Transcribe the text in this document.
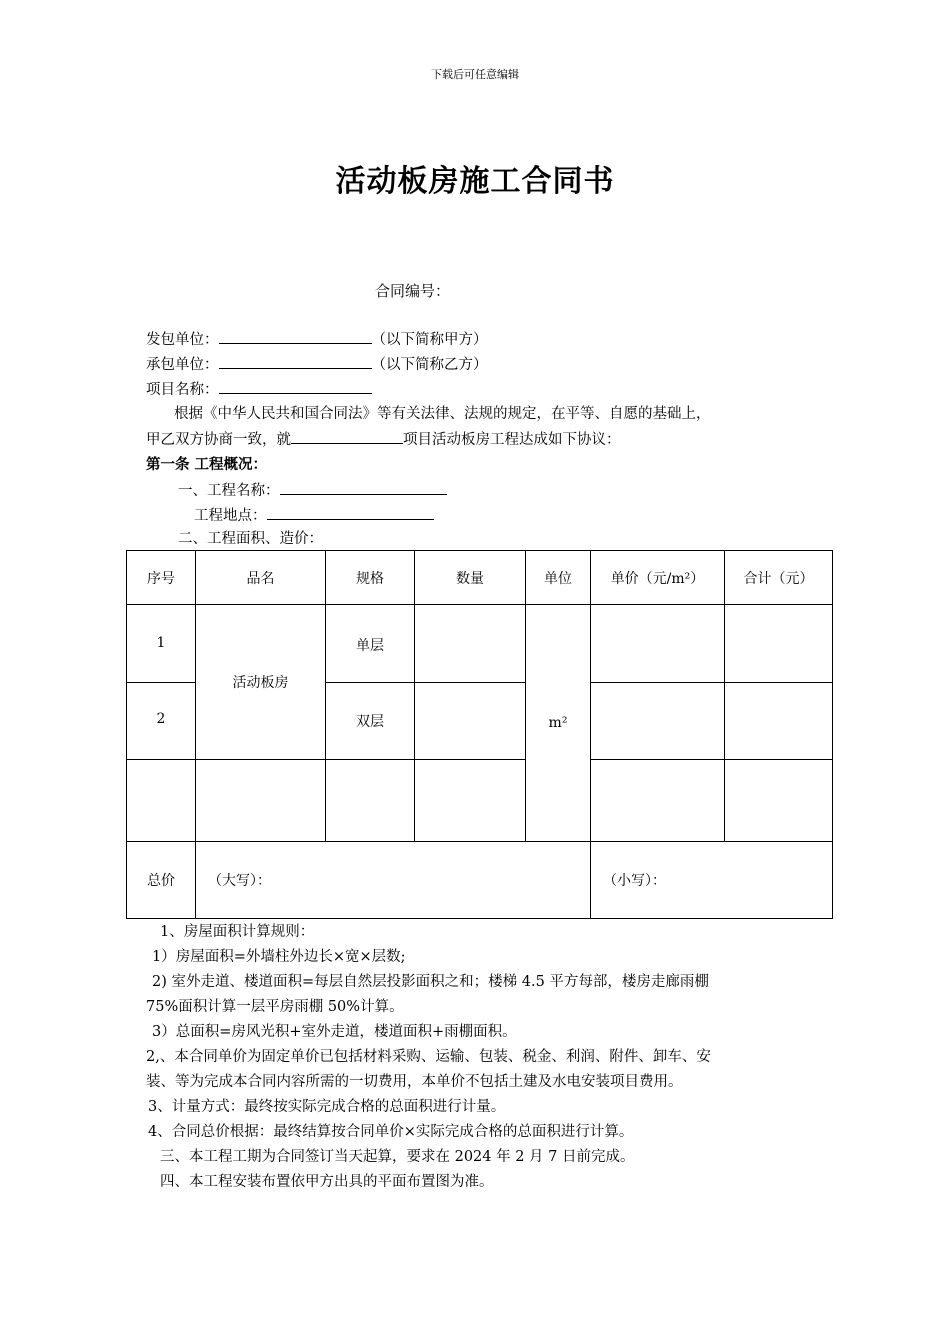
下载后可任意编辑
活动板房施工合同书
合同编号：
发包单位：	（以下简称甲方）
承包单位：	（以下简称乙方）
项目名称：
根据《中华人民共和国合同法》等有关法律、法规的规定，在平等、自愿的基础上，
甲乙双方协商一致，就	项目活动板房工程达成如下协议：
第一条 工程概况：
一、工程名称：
工程地点：
二、工程面积、造价：
序号	品名	规格	数量	单位	单价（元/m²）	合计（元）
1	活动板房	单层		m²		
2		双层				

总价	（大写）：				（小写）：	
1、房屋面积计算规则：
1）房屋面积=外墙柱外边长×宽×层数;
2) 室外走道、楼道面积=每层自然层投影面积之和；楼梯 4.5 平方每部，楼房走廊雨棚
75%面积计算一层平房雨棚 50%计算。
3）总面积=房风光积+室外走道，楼道面积+雨棚面积。
2,、本合同单价为固定单价已包括材料采购、运输、包装、税金、利润、附件、卸车、安
装、等为完成本合同内容所需的一切费用，本单价不包括土建及水电安装项目费用。
3、计量方式：最终按实际完成合格的总面积进行计量。
4、合同总价根据：最终结算按合同单价×实际完成合格的总面积进行计算。
三、本工程工期为合同签订当天起算，要求在 2024 年 2 月 7 日前完成。
四、本工程安装布置依甲方出具的平面布置图为准。
